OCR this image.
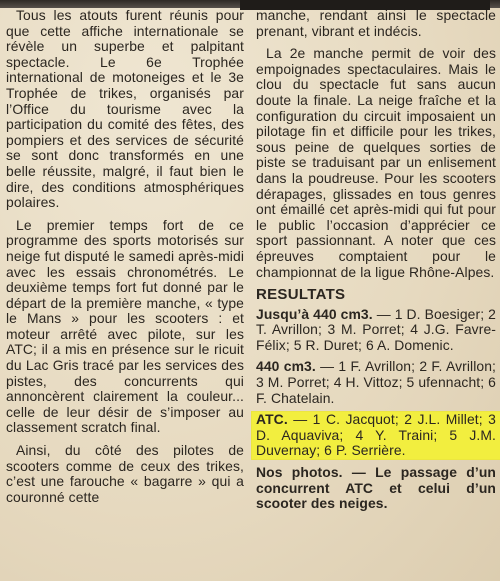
Tous les atouts furent réunis pour que cette affiche internationale se révèle un superbe et palpitant spectacle. Le 6e Trophée international de motoneiges et le 3e Trophée de trikes, organisés par l’Office du tourisme avec la participation du comité des fêtes, des pompiers et des services de sécurité se sont donc transformés en une belle réussite, malgré, il faut bien le dire, des conditions atmosphériques polaires.

Le premier temps fort de ce programme des sports motorisés sur neige fut disputé le samedi après-midi avec les essais chronométrés. Le deuxième temps fort fut donné par le départ de la première manche, « type le Mans » pour les scooters : et moteur arrêté avec pilote, sur les ATC; il a mis en présence sur le ricuit du Lac Gris tracé par les services des pistes, des concurrents qui annoncèrent clairement la couleur... celle de leur désir de s’imposer au classement scratch final.

Ainsi, du côté des pilotes de scooters comme de ceux des trikes, c’est une farouche « bagarre » qui a couronné cette

manche, rendant ainsi le spectacle prenant, vibrant et indécis.

La 2e manche permit de voir des empoignades spectaculaires. Mais le clou du spectacle fut sans aucun doute la finale. La neige fraîche et la configuration du circuit imposaient un pilotage fin et difficile pour les trikes, sous peine de quelques sorties de piste se traduisant par un enlisement dans la poudreuse. Pour les scooters dérapages, glissades en tous genres ont émaillé cet après-midi qui fut pour le public l’occasion d’apprécier ce sport passionnant. A noter que ces épreuves comptaient pour le championnat de la ligue Rhône-Alpes.

RESULTATS
Jusqu’à 440 cm3. — 1 D. Boesiger; 2 T. Avrillon; 3 M. Porret; 4 J.G. Favre-Félix; 5 R. Duret; 6 A. Domenic.
440 cm3. — 1 F. Avrillon; 2 F. Avrillon; 3 M. Porret; 4 H. Vittoz; 5 ufennacht; 6 F. Chatelain.
ATC. — 1 C. Jacquot; 2 J.L. Millet; 3 D. Aquaviva; 4 Y. Traini; 5 J.M. Duvernay; 6 P. Serrière.

Nos photos. — Le passage d’un concurrent ATC et celui d’un scooter des neiges.
